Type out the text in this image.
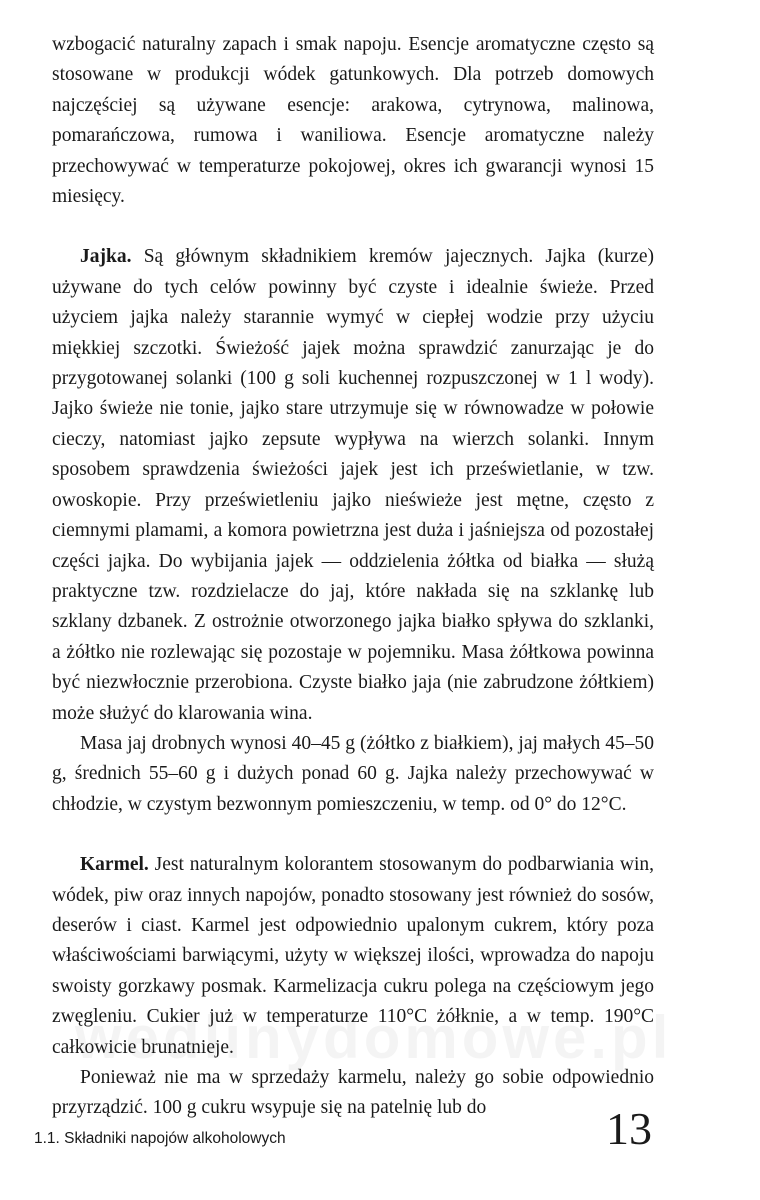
wzbogacić naturalny zapach i smak napoju. Esencje aromatyczne często są stosowane w produkcji wódek gatunkowych. Dla potrzeb domowych najczęściej są używane esencje: arakowa, cytrynowa, malinowa, pomarańczowa, rumowa i waniliowa. Esencje aromatyczne należy przechowywać w temperaturze pokojowej, okres ich gwarancji wynosi 15 miesięcy.

Jajka. Są głównym składnikiem kremów jajecznych. Jajka (kurze) używane do tych celów powinny być czyste i idealnie świeże. Przed użyciem jajka należy starannie wymyć w ciepłej wodzie przy użyciu miękkiej szczotki. Świeżość jajek można sprawdzić zanurzając je do przygotowanej solanki (100 g soli kuchennej rozpuszczonej w 1 l wody). Jajko świeże nie tonie, jajko stare utrzymuje się w równowadze w połowie cieczy, natomiast jajko zepsute wypływa na wierzch solanki. Innym sposobem sprawdzenia świeżości jajek jest ich prześwietlanie, w tzw. owoskopie. Przy prześwietleniu jajko nieświeże jest mętne, często z ciemnymi plamami, a komora powietrzna jest duża i jaśniejsza od pozostałej części jajka. Do wybijania jajek — oddzielenia żółtka od białka — służą praktyczne tzw. rozdzielacze do jaj, które nakłada się na szklankę lub szklany dzbanek. Z ostrożnie otworzonego jajka białko spływa do szklanki, a żółtko nie rozlewając się pozostaje w pojemniku. Masa żółtkowa powinna być niezwłocznie przerobiona. Czyste białko jaja (nie zabrudzone żółtkiem) może służyć do klarowania wina.

Masa jaj drobnych wynosi 40–45 g (żółtko z białkiem), jaj małych 45–50 g, średnich 55–60 g i dużych ponad 60 g. Jajka należy przechowywać w chłodzie, w czystym bezwonnym pomieszczeniu, w temp. od 0° do 12°C.

Karmel. Jest naturalnym kolorantem stosowanym do podbarwiania win, wódek, piw oraz innych napojów, ponadto stosowany jest również do sosów, deserów i ciast. Karmel jest odpowiednio upalonym cukrem, który poza właściwościami barwiącymi, użyty w większej ilości, wprowadza do napoju swoisty gorzkawy posmak. Karmelizacja cukru polega na częściowym jego zwęgleniu. Cukier już w temperaturze 110°C żółknie, a w temp. 190°C całkowicie brunatnieje.

Ponieważ nie ma w sprzedaży karmelu, należy go sobie odpowiednio przyrządzić. 100 g cukru wsypuje się na patelnię lub do

1.1. Składniki napojów alkoholowych	13
